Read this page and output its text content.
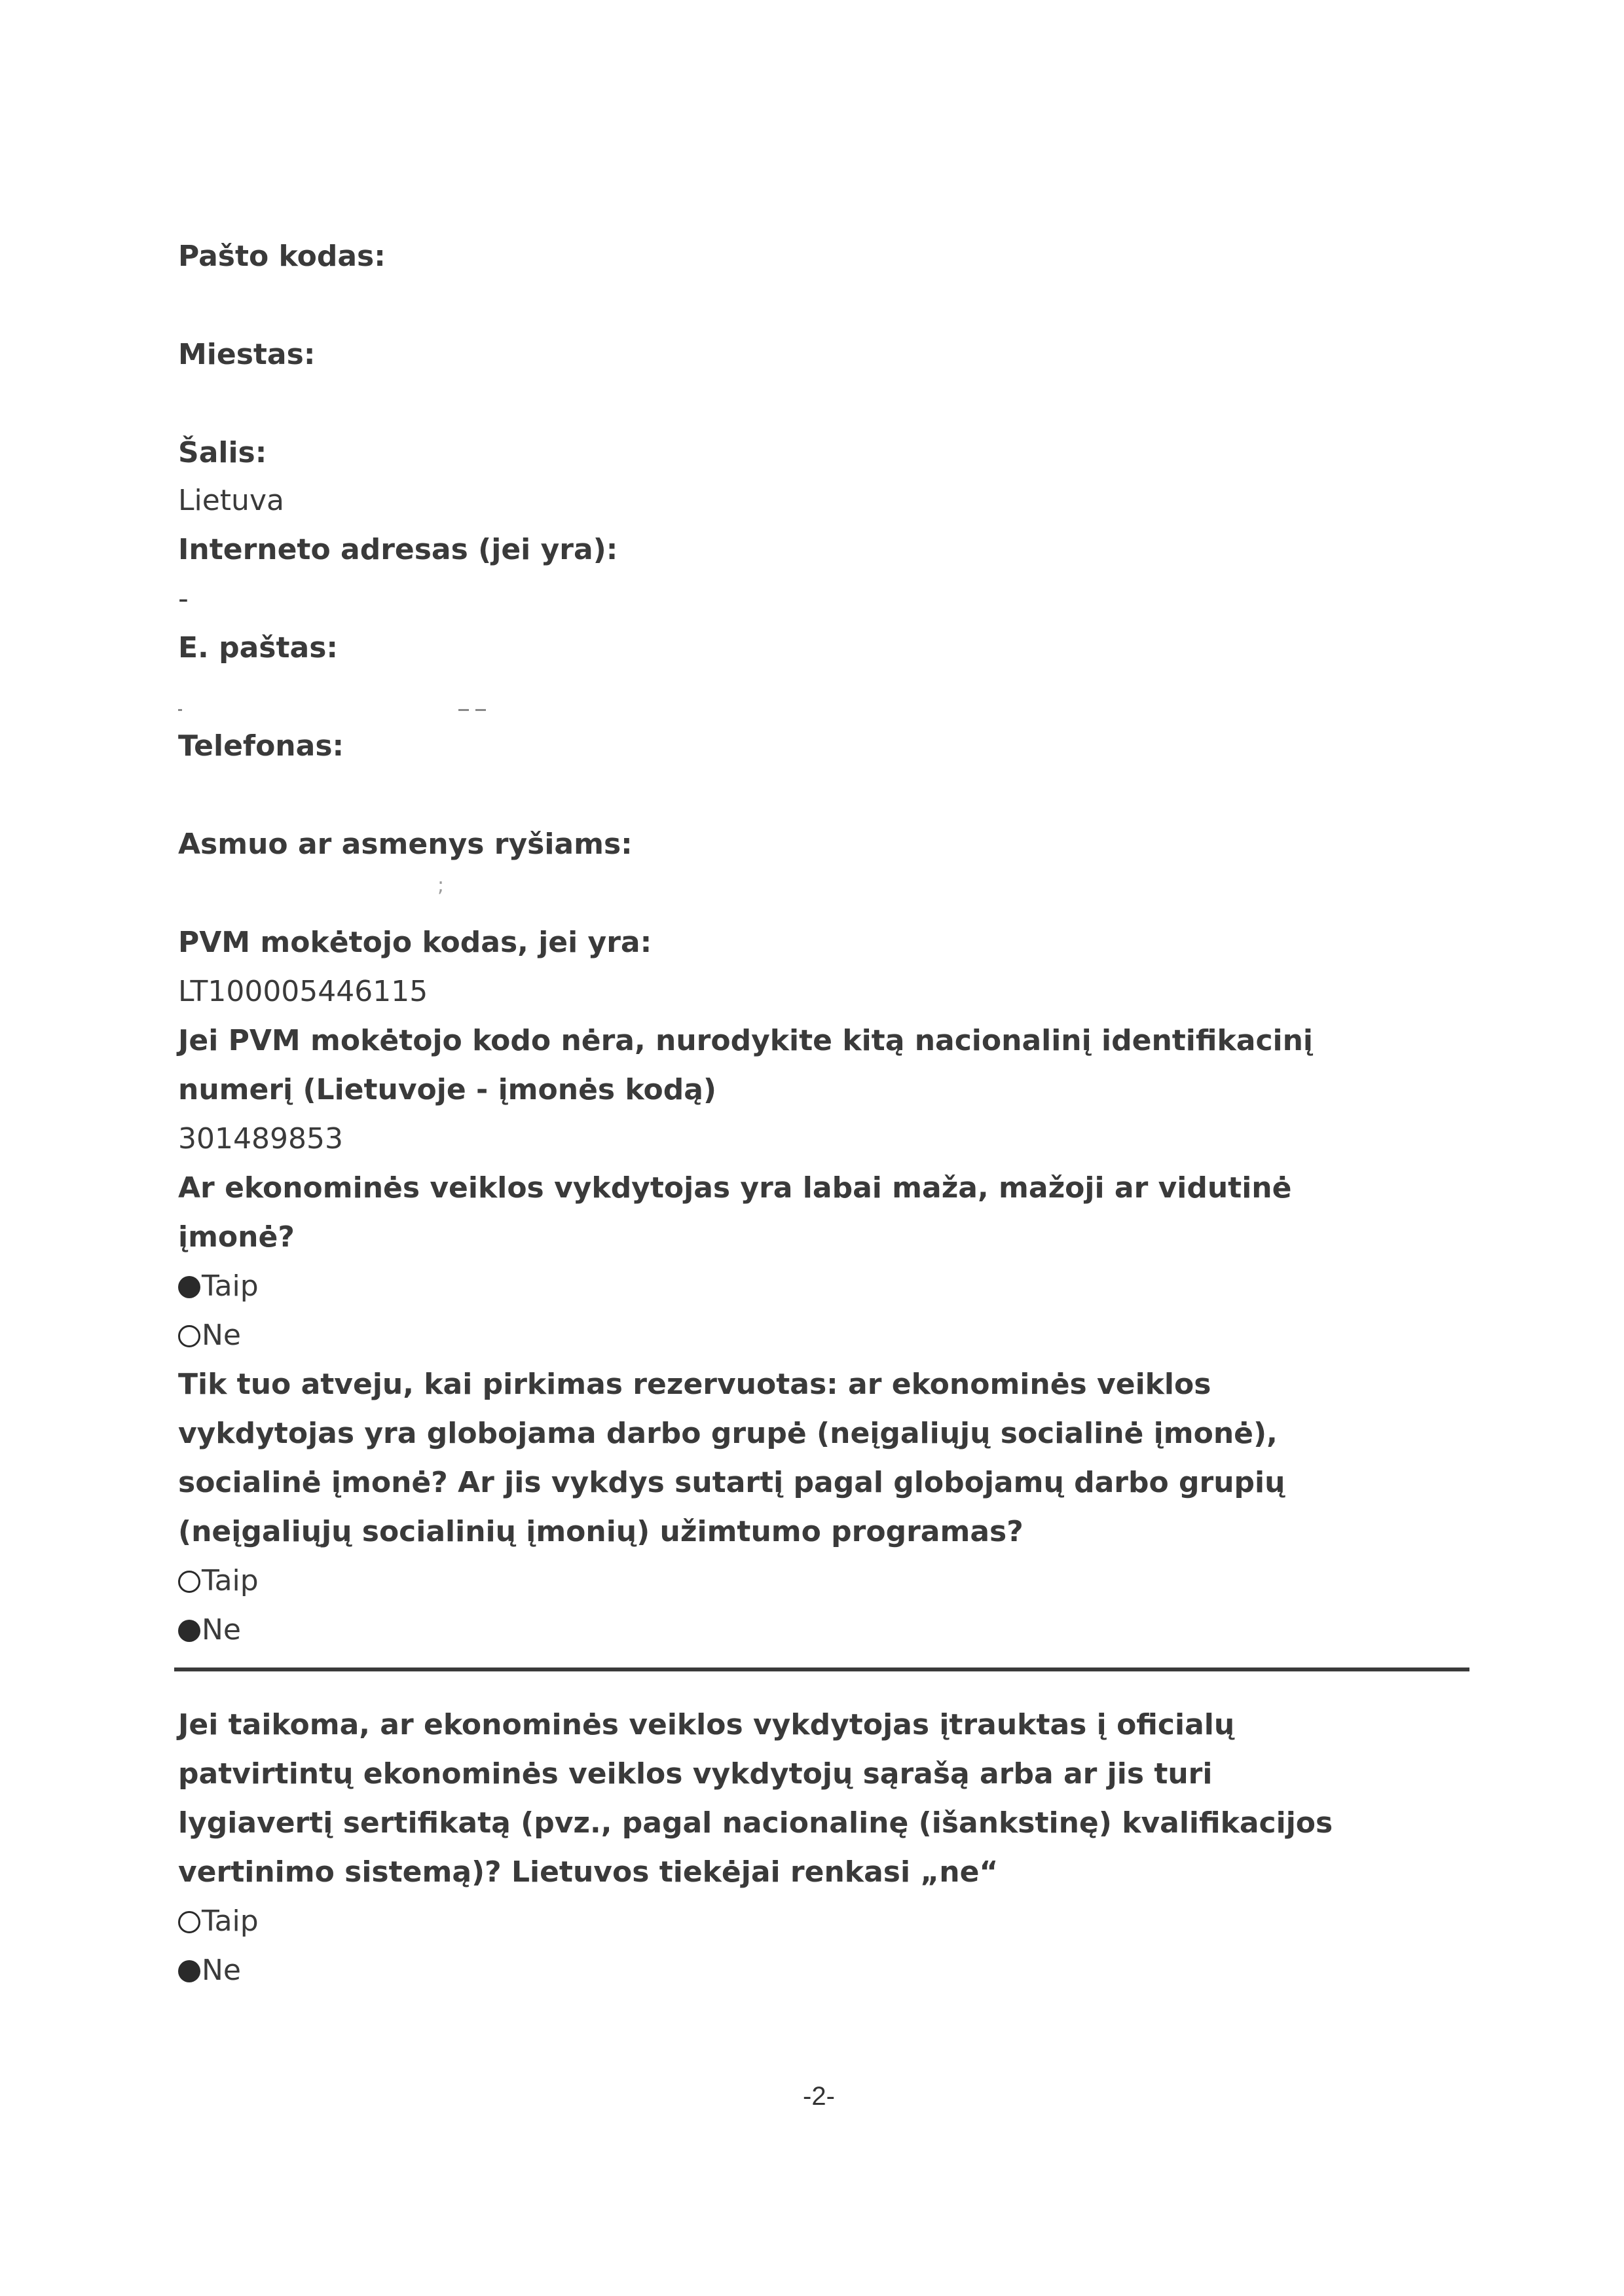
Pašto kodas:
Miestas:
Šalis:
Lietuva
Interneto adresas (jei yra):
-
E. paštas:
Telefonas:
Asmuo ar asmenys ryšiams:
;
PVM mokėtojo kodas, jei yra:
LT100005446115
Jei PVM mokėtojo kodo nėra, nurodykite kitą nacionalinį identifikacinį
numerį (Lietuvoje - įmonės kodą)
301489853
Ar ekonominės veiklos vykdytojas yra labai maža, mažoji ar vidutinė
įmonė?
Taip
Ne
Tik tuo atveju, kai pirkimas rezervuotas: ar ekonominės veiklos
vykdytojas yra globojama darbo grupė (neįgaliųjų socialinė įmonė),
socialinė įmonė? Ar jis vykdys sutartį pagal globojamų darbo grupių
(neįgaliųjų socialinių įmonių) užimtumo programas?
Taip
Ne
Jei taikoma, ar ekonominės veiklos vykdytojas įtrauktas į oficialų
patvirtintų ekonominės veiklos vykdytojų sąrašą arba ar jis turi
lygiavertį sertifikatą (pvz., pagal nacionalinę (išankstinę) kvalifikacijos
vertinimo sistemą)? Lietuvos tiekėjai renkasi „ne“
Taip
Ne
-2-
